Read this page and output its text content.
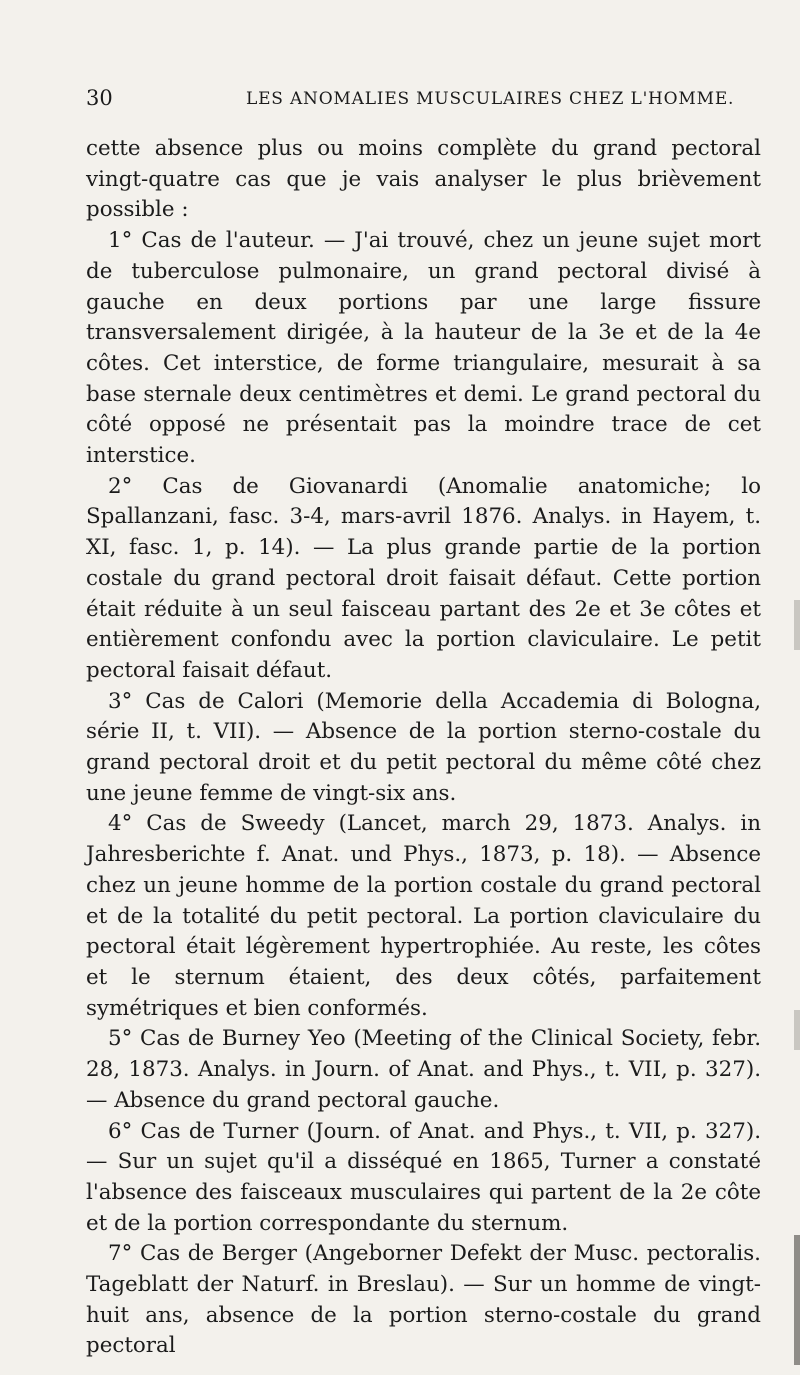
30	LES ANOMALIES MUSCULAIRES CHEZ L'HOMME.

cette absence plus ou moins complète du grand pectoral vingt-quatre cas que je vais analyser le plus brièvement possible :

1° Cas de l'auteur. — J'ai trouvé, chez un jeune sujet mort de tuberculose pulmonaire, un grand pectoral divisé à gauche en deux portions par une large fissure transversalement dirigée, à la hauteur de la 3e et de la 4e côtes. Cet interstice, de forme triangulaire, mesurait à sa base sternale deux centimètres et demi. Le grand pectoral du côté opposé ne présentait pas la moindre trace de cet interstice.

2° Cas de Giovanardi (Anomalie anatomiche; lo Spallanzani, fasc. 3-4, mars-avril 1876. Analys. in Hayem, t. XI, fasc. 1, p. 14). — La plus grande partie de la portion costale du grand pectoral droit faisait défaut. Cette portion était réduite à un seul faisceau partant des 2e et 3e côtes et entièrement confondu avec la portion claviculaire. Le petit pectoral faisait défaut.

3° Cas de Calori (Memorie della Accademia di Bologna, série II, t. VII). — Absence de la portion sterno-costale du grand pectoral droit et du petit pectoral du même côté chez une jeune femme de vingt-six ans.

4° Cas de Sweedy (Lancet, march 29, 1873. Analys. in Jahresberichte f. Anat. und Phys., 1873, p. 18). — Absence chez un jeune homme de la portion costale du grand pectoral et de la totalité du petit pectoral. La portion claviculaire du pectoral était légèrement hypertrophiée. Au reste, les côtes et le sternum étaient, des deux côtés, parfaitement symétriques et bien conformés.

5° Cas de Burney Yeo (Meeting of the Clinical Society, febr. 28, 1873. Analys. in Journ. of Anat. and Phys., t. VII, p. 327). — Absence du grand pectoral gauche.

6° Cas de Turner (Journ. of Anat. and Phys., t. VII, p. 327). — Sur un sujet qu'il a disséqué en 1865, Turner a constaté l'absence des faisceaux musculaires qui partent de la 2e côte et de la portion correspondante du sternum.

7° Cas de Berger (Angeborner Defekt der Musc. pectoralis. Tageblatt der Naturf. in Breslau). — Sur un homme de vingt-huit ans, absence de la portion sterno-costale du grand pectoral
